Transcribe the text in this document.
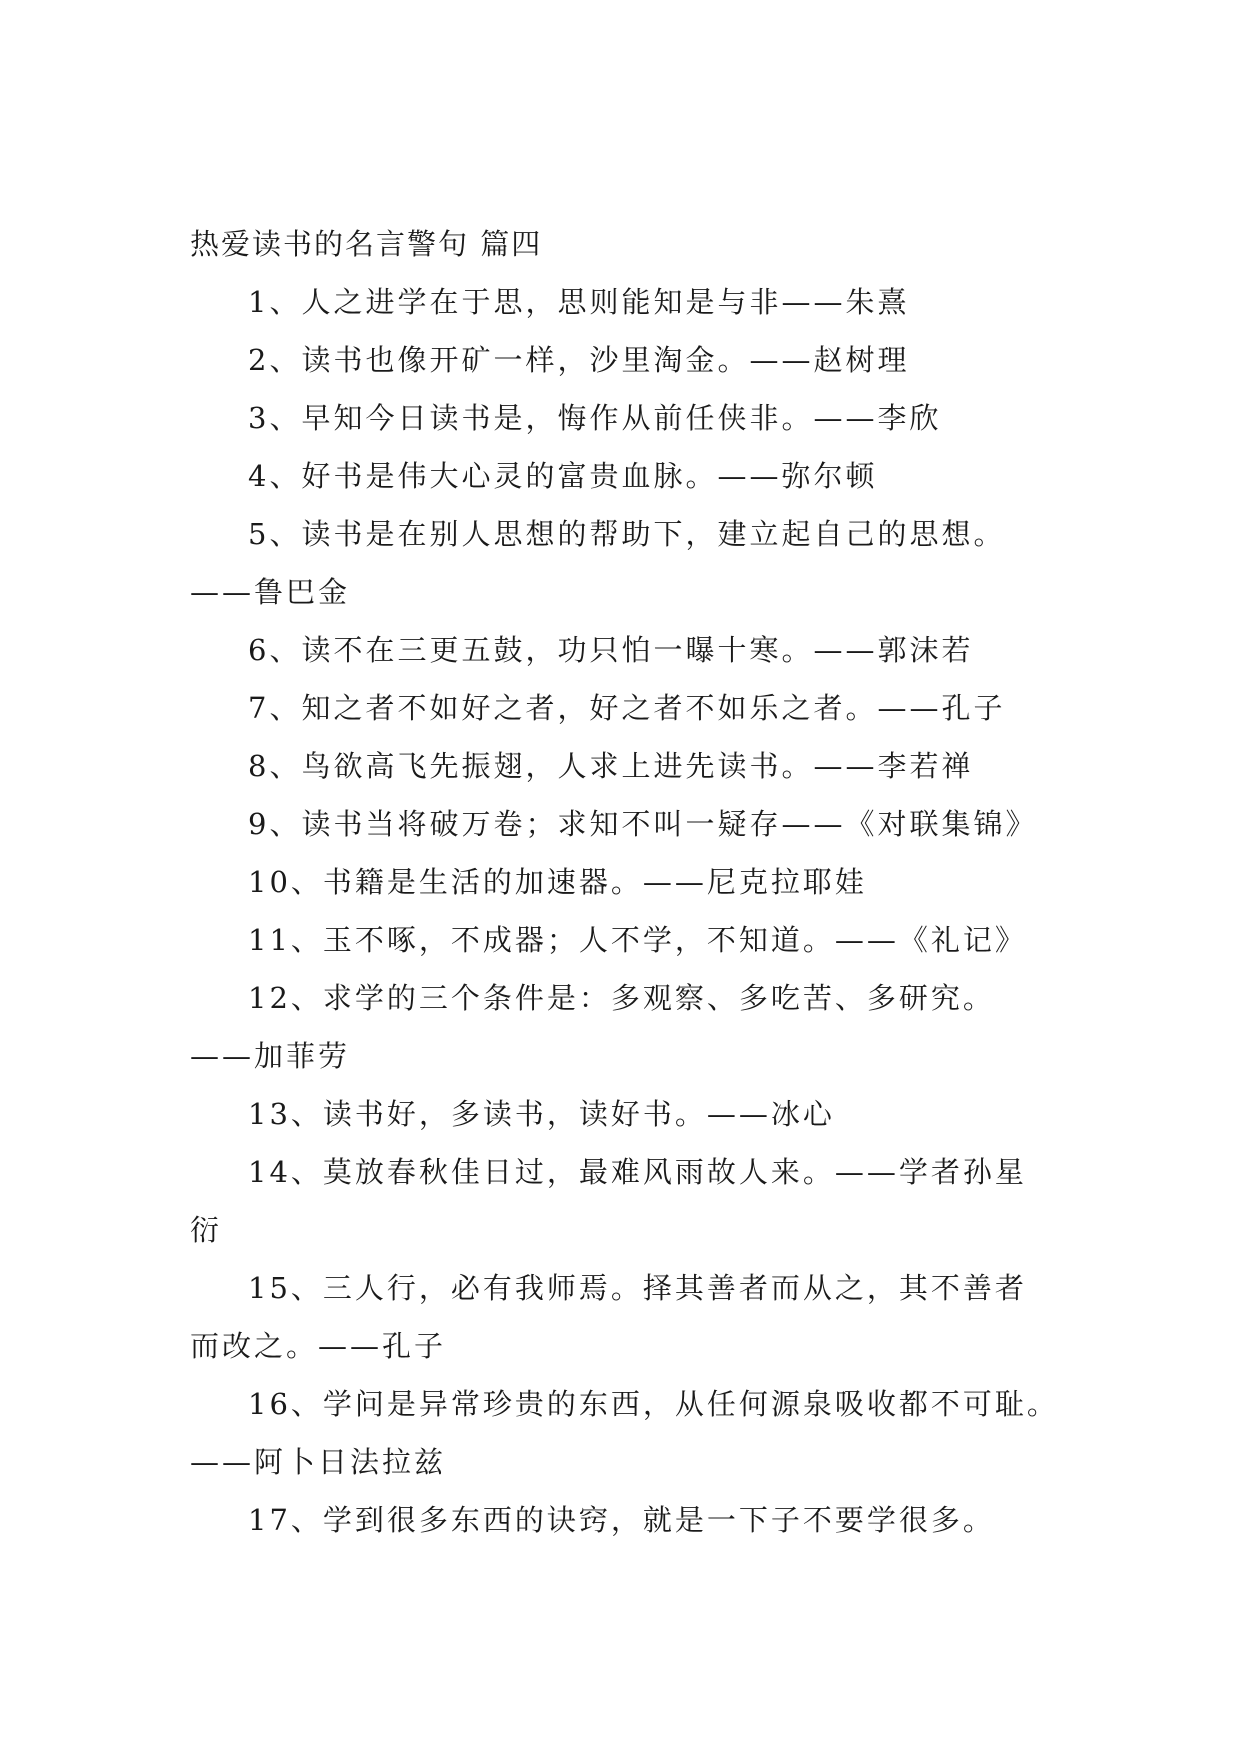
热爱读书的名言警句 篇四
1、人之进学在于思，思则能知是与非——朱熹
2、读书也像开矿一样，沙里淘金。——赵树理
3、早知今日读书是，悔作从前任侠非。——李欣
4、好书是伟大心灵的富贵血脉。——弥尔顿
5、读书是在别人思想的帮助下，建立起自己的思想。
——鲁巴金
6、读不在三更五鼓，功只怕一曝十寒。——郭沫若
7、知之者不如好之者，好之者不如乐之者。——孔子
8、鸟欲高飞先振翅，人求上进先读书。——李若禅
9、读书当将破万卷；求知不叫一疑存——《对联集锦》
10、书籍是生活的加速器。——尼克拉耶娃
11、玉不啄，不成器；人不学，不知道。——《礼记》
12、求学的三个条件是：多观察、多吃苦、多研究。
——加菲劳
13、读书好，多读书，读好书。——冰心
14、莫放春秋佳日过，最难风雨故人来。——学者孙星
衍
15、三人行，必有我师焉。择其善者而从之，其不善者
而改之。——孔子
16、学问是异常珍贵的东西，从任何源泉吸收都不可耻。
——阿卜日法拉兹
17、学到很多东西的诀窍，就是一下子不要学很多。
